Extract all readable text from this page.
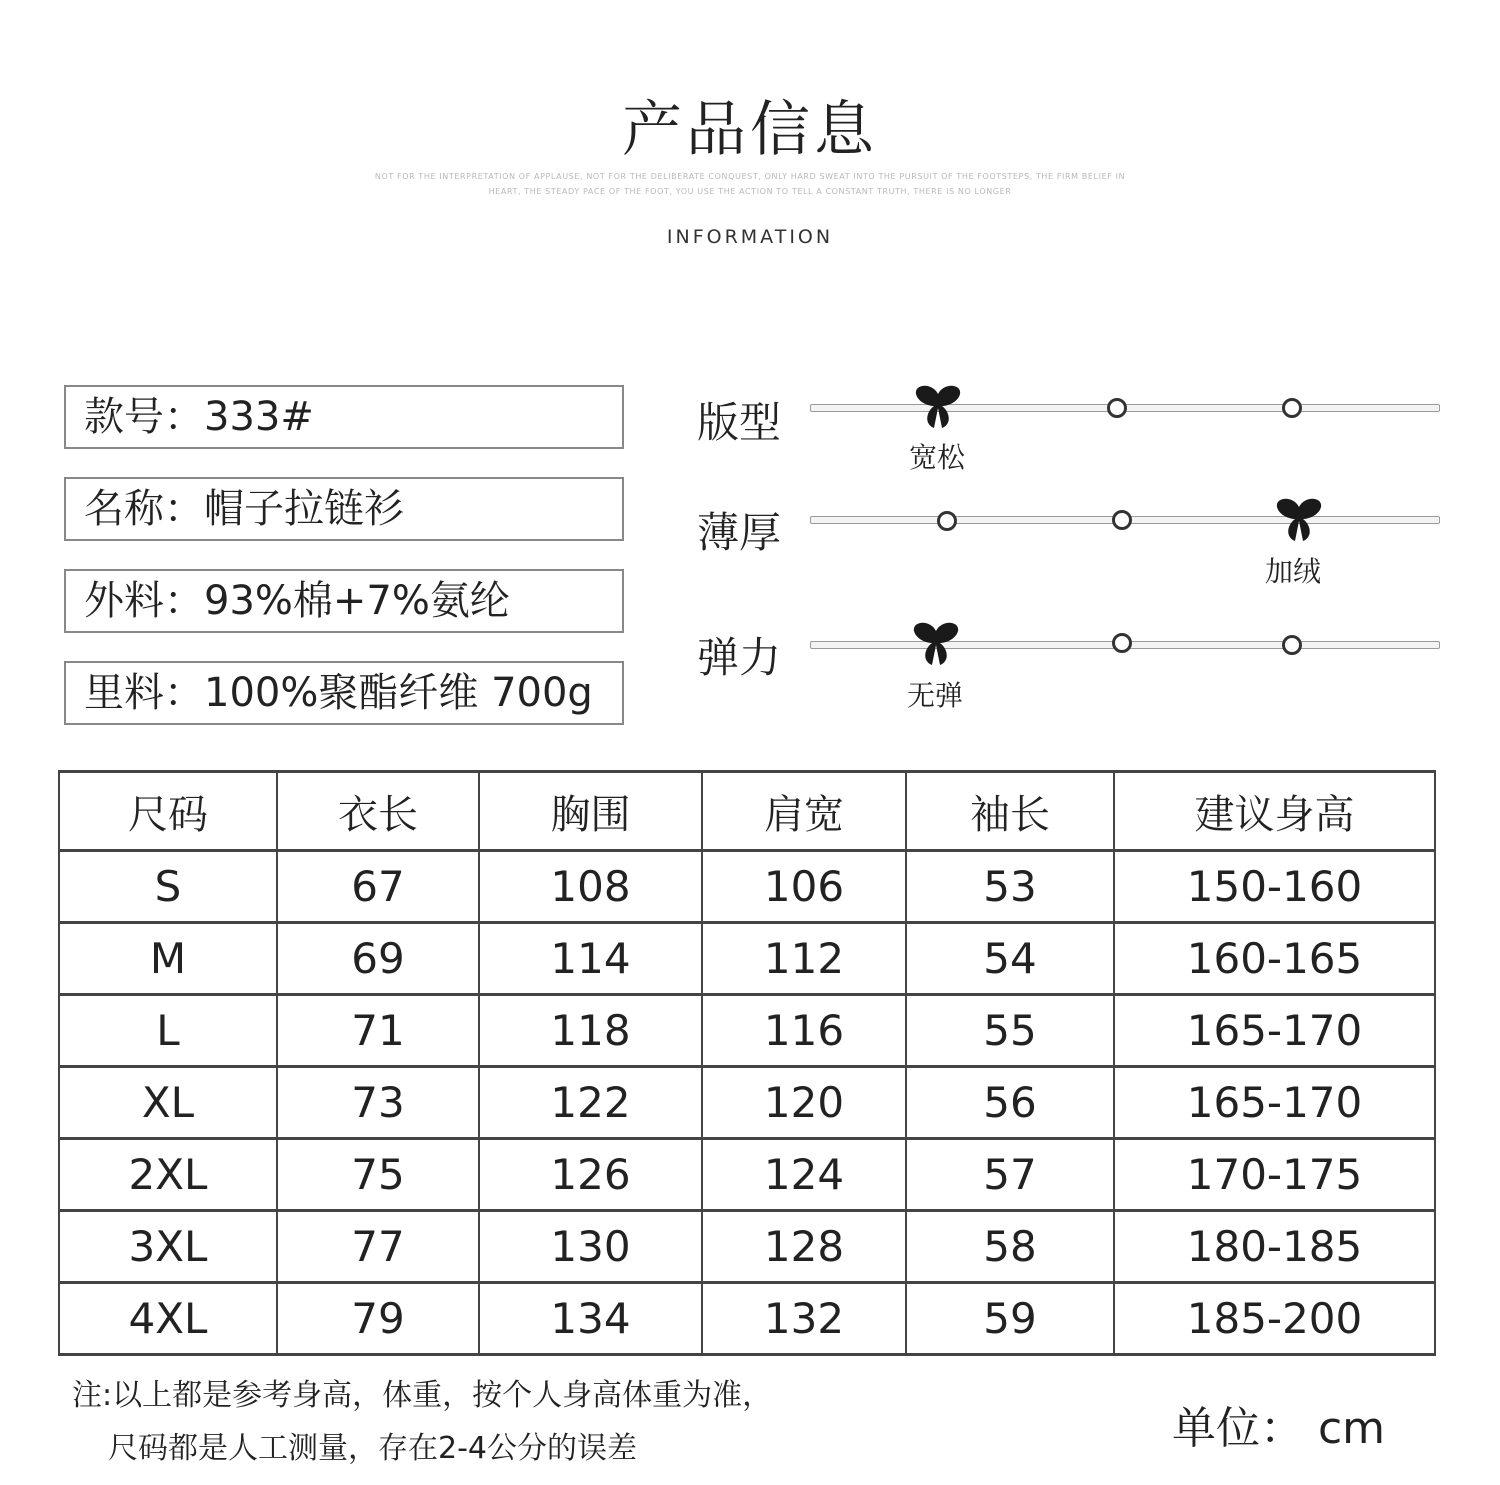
产品信息
NOT FOR THE INTERPRETATION OF APPLAUSE, NOT FOR THE DELIBERATE CONQUEST, ONLY HARD SWEAT INTO THE PURSUIT OF THE FOOTSTEPS, THE FIRM BELIEF IN
HEART, THE STEADY PACE OF THE FOOT, YOU USE THE ACTION TO TELL A CONSTANT TRUTH, THERE IS NO LONGER
INFORMATION
款号：333#
名称：帽子拉链衫
外料：93%棉+7%氨纶
里料：100%聚酯纤维 700g
版型
宽松
薄厚
加绒
弹力
无弹
尺码	衣长	胸围	肩宽	袖长	建议身高
S	67	108	106	53	150-160
M	69	114	112	54	160-165
L	71	118	116	55	165-170
XL	73	122	120	56	165-170
2XL	75	126	124	57	170-175
3XL	77	130	128	58	180-185
4XL	79	134	132	59	185-200
注:以上都是参考身高，体重，按个人身高体重为准，
尺码都是人工测量，存在2-4公分的误差	单位： cm
